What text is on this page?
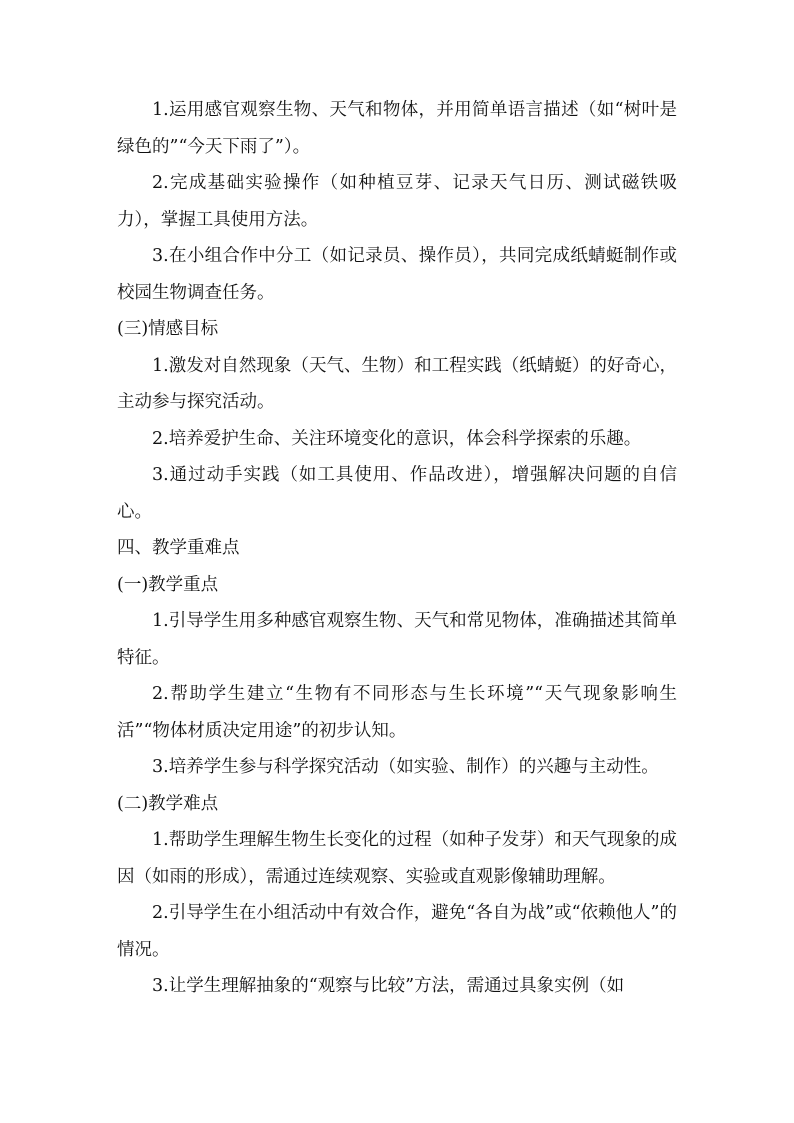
1.运用感官观察生物、天气和物体，并用简单语言描述（如“树叶是绿色的”“今天下雨了”）。

2.完成基础实验操作（如种植豆芽、记录天气日历、测试磁铁吸力），掌握工具使用方法。

3.在小组合作中分工（如记录员、操作员），共同完成纸蜻蜓制作或校园生物调查任务。

(三)情感目标

1.激发对自然现象（天气、生物）和工程实践（纸蜻蜓）的好奇心，主动参与探究活动。

2.培养爱护生命、关注环境变化的意识，体会科学探索的乐趣。

3.通过动手实践（如工具使用、作品改进），增强解决问题的自信心。

四、教学重难点

(一)教学重点

1.引导学生用多种感官观察生物、天气和常见物体，准确描述其简单特征。

2.帮助学生建立“生物有不同形态与生长环境”“天气现象影响生活”“物体材质决定用途”的初步认知。

3.培养学生参与科学探究活动（如实验、制作）的兴趣与主动性。

(二)教学难点

1.帮助学生理解生物生长变化的过程（如种子发芽）和天气现象的成因（如雨的形成），需通过连续观察、实验或直观影像辅助理解。

2.引导学生在小组活动中有效合作，避免“各自为战”或“依赖他人”的情况。

3.让学生理解抽象的“观察与比较”方法，需通过具象实例（如
